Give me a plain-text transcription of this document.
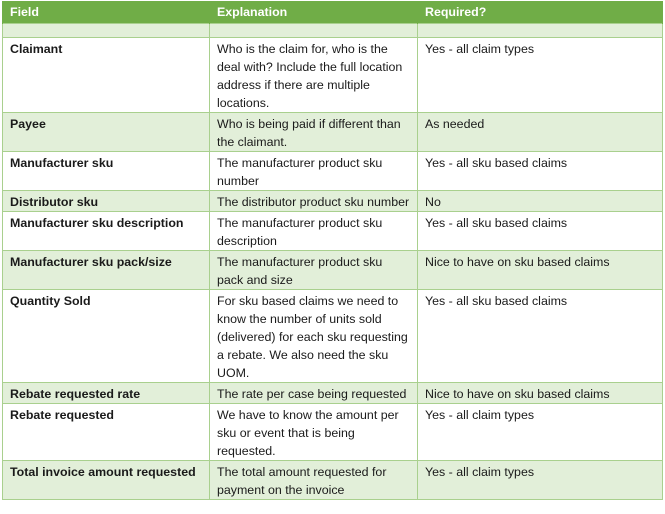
Field	Explanation	Required?

Claimant	Who is the claim for, who is the deal with? Include the full location address if there are multiple locations.	Yes - all claim types
Payee	Who is being paid if different than the claimant.	As needed
Manufacturer sku	The manufacturer product sku number	Yes - all sku based claims
Distributor sku	The distributor product sku number	No
Manufacturer sku description	The manufacturer product sku description	Yes - all sku based claims
Manufacturer sku pack/size	The manufacturer product sku pack and size	Nice to have on sku based claims
Quantity Sold	For sku based claims we need to know the number of units sold (delivered) for each sku requesting a rebate. We also need the sku UOM.	Yes - all sku based claims
Rebate requested rate	The rate per case being requested	Nice to have on sku based claims
Rebate requested	We have to know the amount per sku or event that is being requested.	Yes - all claim types
Total invoice amount requested	The total amount requested for payment on the invoice	Yes - all claim types
